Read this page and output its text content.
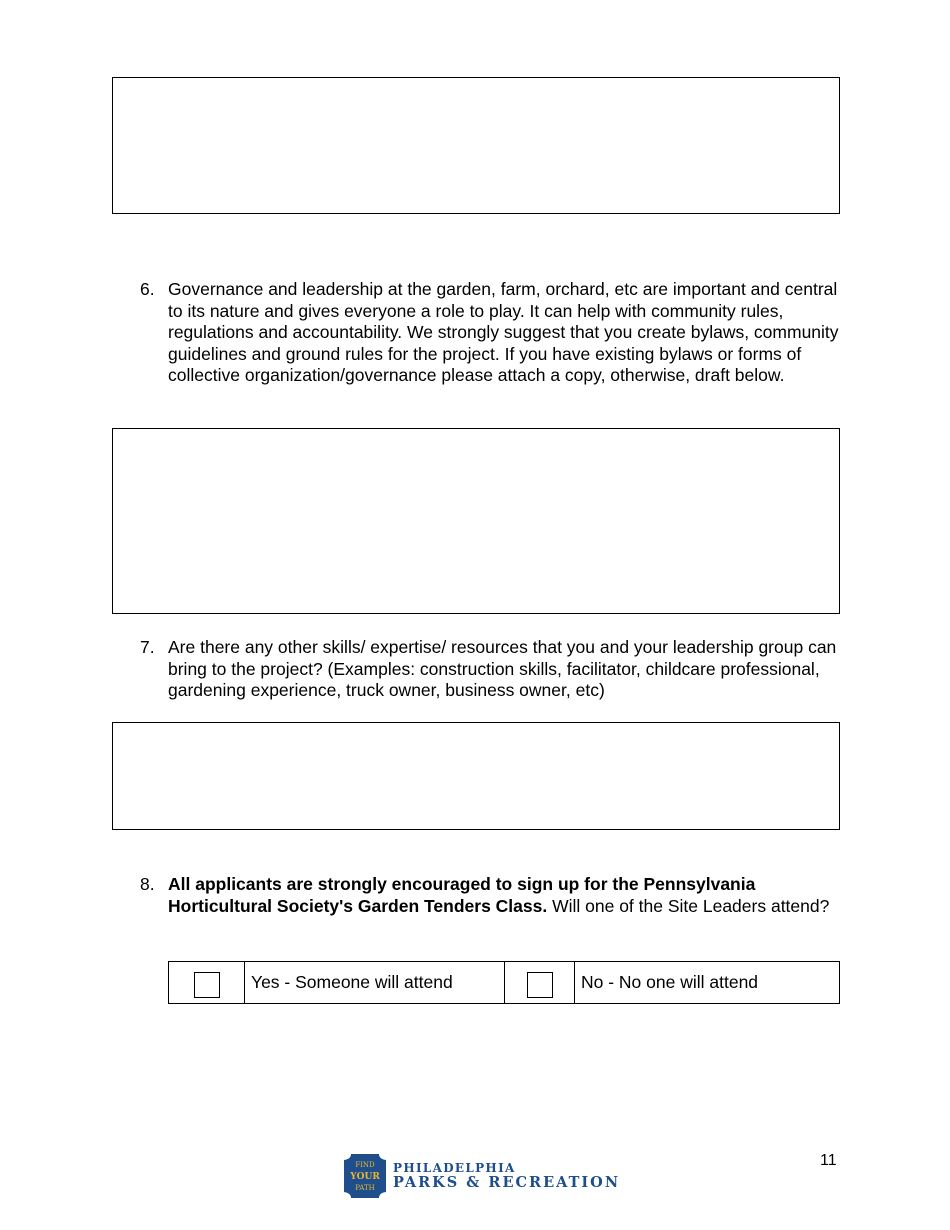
6. Governance and leadership at the garden, farm, orchard, etc are important and central to its nature and gives everyone a role to play. It can help with community rules, regulations and accountability. We strongly suggest that you create bylaws, community guidelines and ground rules for the project. If you have existing bylaws or forms of collective organization/governance please attach a copy, otherwise, draft below.
7. Are there any other skills/ expertise/ resources that you and your leadership group can bring to the project? (Examples: construction skills, facilitator, childcare professional, gardening experience, truck owner, business owner, etc)
8. All applicants are strongly encouraged to sign up for the Pennsylvania Horticultural Society's Garden Tenders Class. Will one of the Site Leaders attend?
Yes - Someone will attend	No - No one will attend
FIND
YOUR
PATH
PHILADELPHIA
PARKS & RECREATION
11
